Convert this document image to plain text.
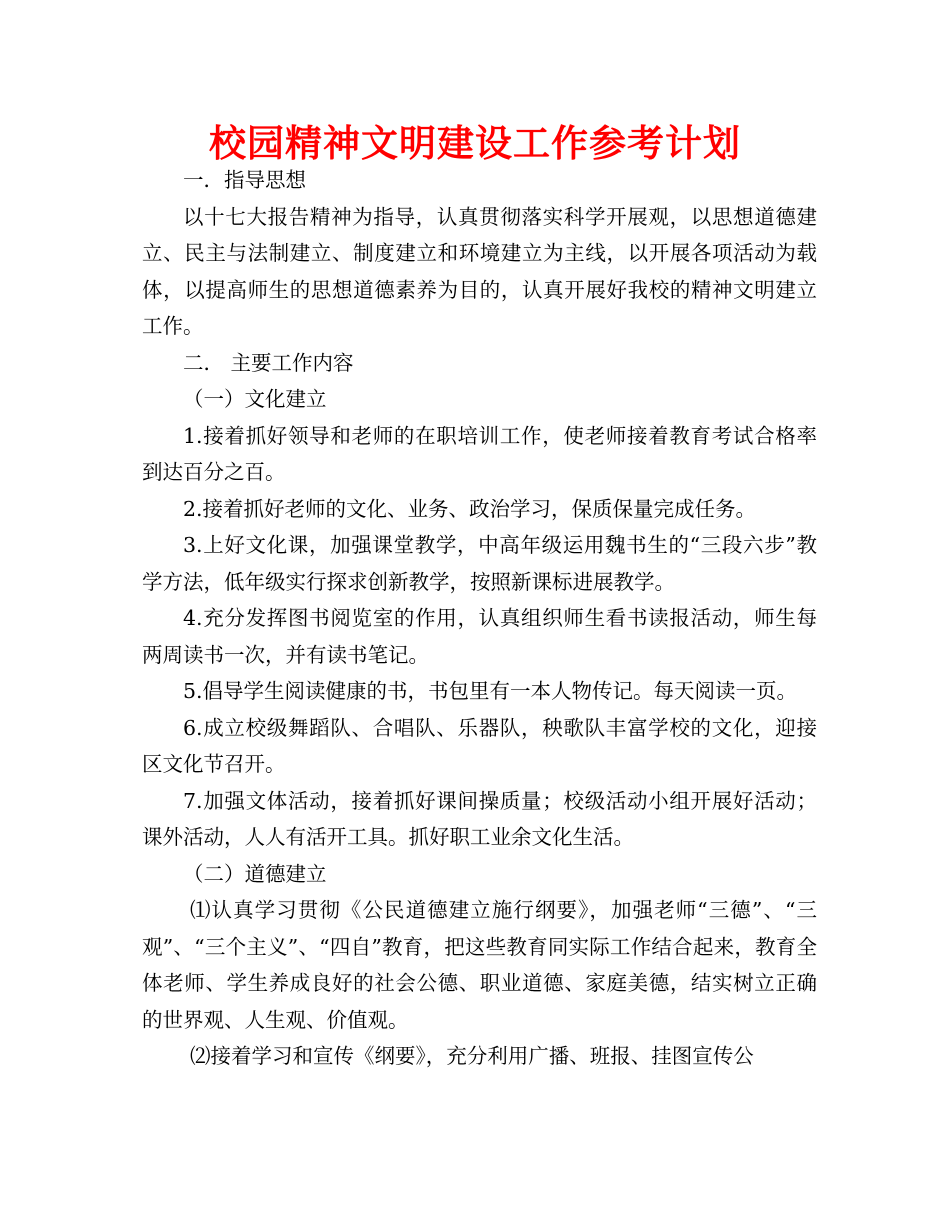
校园精神文明建设工作参考计划

一．指导思想

以十七大报告精神为指导，认真贯彻落实科学开展观，以思想道德建立、民主与法制建立、制度建立和环境建立为主线，以开展各项活动为载体，以提高师生的思想道德素养为目的，认真开展好我校的精神文明建立工作。

二． 主要工作内容

（一）文化建立

1.接着抓好领导和老师的在职培训工作，使老师接着教育考试合格率到达百分之百。

2.接着抓好老师的文化、业务、政治学习，保质保量完成任务。

3.上好文化课，加强课堂教学，中高年级运用魏书生的“三段六步”教学方法，低年级实行探求创新教学，按照新课标进展教学。

4.充分发挥图书阅览室的作用，认真组织师生看书读报活动，师生每两周读书一次，并有读书笔记。

5.倡导学生阅读健康的书，书包里有一本人物传记。每天阅读一页。

6.成立校级舞蹈队、合唱队、乐器队，秧歌队丰富学校的文化，迎接区文化节召开。

7.加强文体活动，接着抓好课间操质量；校级活动小组开展好活动；课外活动，人人有活开工具。抓好职工业余文化生活。

（二）道德建立

⑴认真学习贯彻《公民道德建立施行纲要》，加强老师“三德”、“三观”、“三个主义”、“四自”教育，把这些教育同实际工作结合起来，教育全体老师、学生养成良好的社会公德、职业道德、家庭美德，结实树立正确的世界观、人生观、价值观。

⑵接着学习和宣传《纲要》，充分利用广播、班报、挂图宣传公
